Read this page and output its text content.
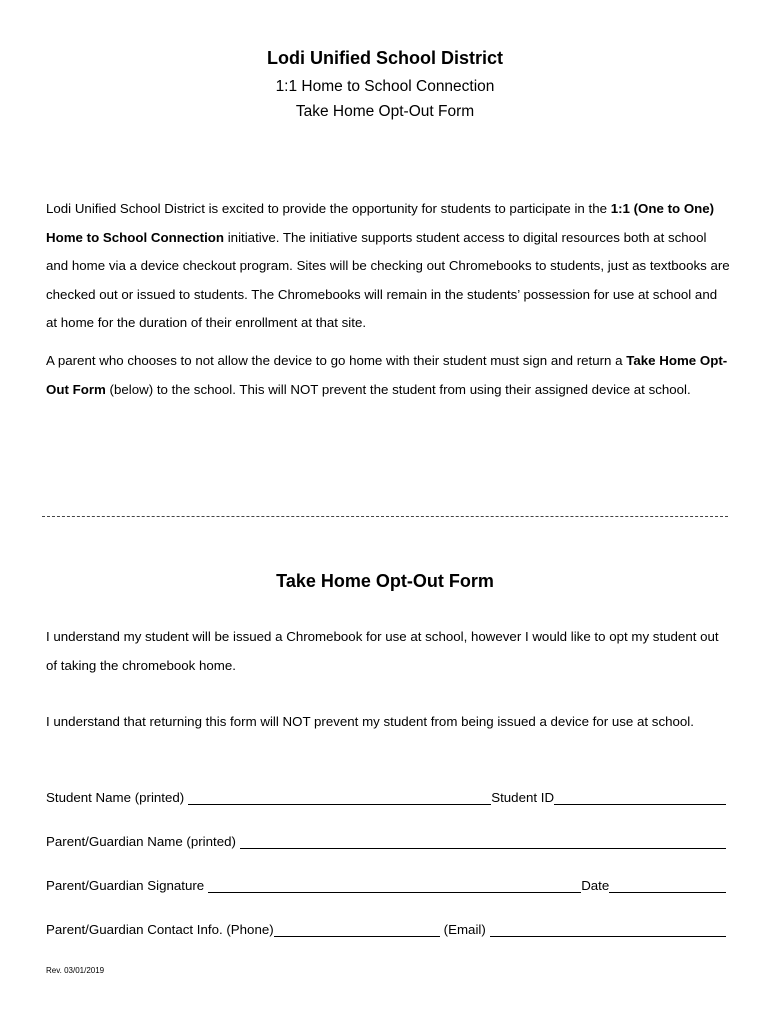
Lodi Unified School District
1:1 Home to School Connection
Take Home Opt-Out Form

Lodi Unified School District is excited to provide the opportunity for students to participate in the 1:1 (One to One) Home to School Connection initiative. The initiative supports student access to digital resources both at school and home via a device checkout program. Sites will be checking out Chromebooks to students, just as textbooks are checked out or issued to students. The Chromebooks will remain in the students’ possession for use at school and at home for the duration of their enrollment at that site.

A parent who chooses to not allow the device to go home with their student must sign and return a Take Home Opt-Out Form (below) to the school. This will NOT prevent the student from using their assigned device at school.

Take Home Opt-Out Form

I understand my student will be issued a Chromebook for use at school, however I would like to opt my student out of taking the chromebook home.

I understand that returning this form will NOT prevent my student from being issued a device for use at school.

Student Name (printed)	Student ID
Parent/Guardian Name (printed)
Parent/Guardian Signature	Date
Parent/Guardian Contact Info. (Phone)	(Email)
Rev. 03/01/2019
